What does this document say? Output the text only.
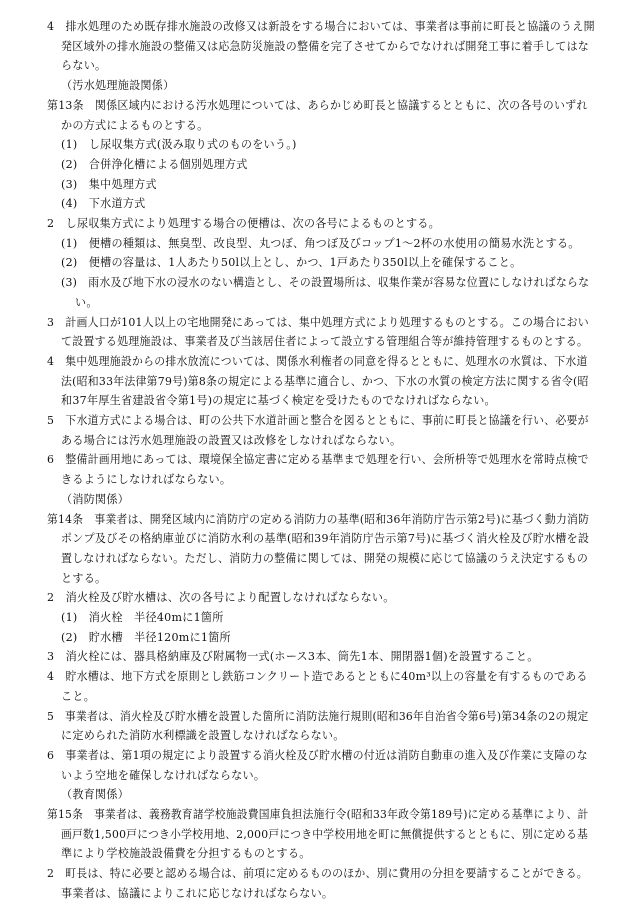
4　排水処理のため既存排水施設の改修又は新設をする場合においては、事業者は事前に町長と協議のうえ開
発区域外の排水施設の整備又は応急防災施設の整備を完了させてからでなければ開発工事に着手してはな
らない。
（汚水処理施設関係）
第13条　関係区域内における汚水処理については、あらかじめ町長と協議するとともに、次の各号のいずれ
かの方式によるものとする。
(1)　し尿収集方式(汲み取り式のものをいう。)
(2)　合併浄化槽による個別処理方式
(3)　集中処理方式
(4)　下水道方式
2　し尿収集方式により処理する場合の便槽は、次の各号によるものとする。
(1)　便槽の種類は、無臭型、改良型、丸つぼ、角つぼ及びコップ1～2杯の水使用の簡易水洗とする。
(2)　便槽の容量は、1人あたり50l以上とし、かつ、1戸あたり350l以上を確保すること。
(3)　雨水及び地下水の浸水のない構造とし、その設置場所は、収集作業が容易な位置にしなければならな
い。
3　計画人口が101人以上の宅地開発にあっては、集中処理方式により処理するものとする。この場合におい
て設置する処理施設は、事業者及び当該居住者によって設立する管理組合等が維持管理するものとする。
4　集中処理施設からの排水放流については、関係水利権者の同意を得るとともに、処理水の水質は、下水道
法(昭和33年法律第79号)第8条の規定による基準に適合し、かつ、下水の水質の検定方法に関する省令(昭
和37年厚生省建設省令第1号)の規定に基づく検定を受けたものでなければならない。
5　下水道方式による場合は、町の公共下水道計画と整合を図るとともに、事前に町長と協議を行い、必要が
ある場合には汚水処理施設の設置又は改修をしなければならない。
6　整備計画用地にあっては、環境保全協定書に定める基準まで処理を行い、会所枡等で処理水を常時点検で
きるようにしなければならない。
（消防関係）
第14条　事業者は、開発区域内に消防庁の定める消防力の基準(昭和36年消防庁告示第2号)に基づく動力消防
ポンプ及びその格納庫並びに消防水利の基準(昭和39年消防庁告示第7号)に基づく消火栓及び貯水槽を設
置しなければならない。ただし、消防力の整備に関しては、開発の規模に応じて協議のうえ決定するもの
とする。
2　消火栓及び貯水槽は、次の各号により配置しなければならない。
(1)　消火栓　半径40mに1箇所
(2)　貯水槽　半径120mに1箇所
3　消火栓には、器具格納庫及び附属物一式(ホース3本、筒先1本、開閉器1個)を設置すること。
4　貯水槽は、地下方式を原則とし鉄筋コンクリート造であるとともに40m³以上の容量を有するものである
こと。
5　事業者は、消火栓及び貯水槽を設置した箇所に消防法施行規則(昭和36年自治省令第6号)第34条の2の規定
に定められた消防水利標識を設置しなければならない。
6　事業者は、第1項の規定により設置する消火栓及び貯水槽の付近は消防自動車の進入及び作業に支障のな
いよう空地を確保しなければならない。
（教育関係）
第15条　事業者は、義務教育諸学校施設費国庫負担法施行令(昭和33年政令第189号)に定める基準により、計
画戸数1,500戸につき小学校用地、2,000戸につき中学校用地を町に無償提供するとともに、別に定める基
準により学校施設設備費を分担するものとする。
2　町長は、特に必要と認める場合は、前項に定めるもののほか、別に費用の分担を要請することができる。
事業者は、協議によりこれに応じなければならない。
